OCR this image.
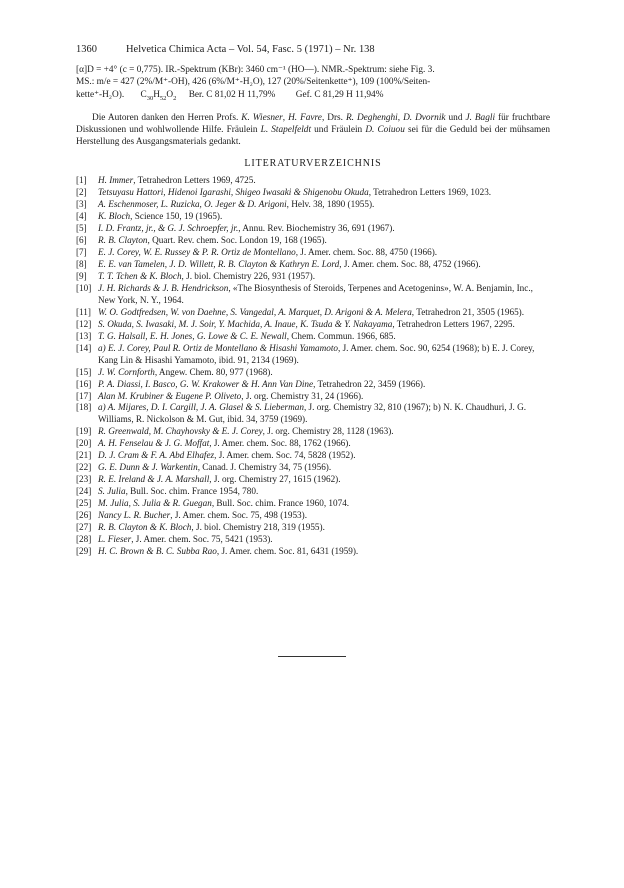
1360	Helvetica Chimica Acta – Vol. 54, Fasc. 5 (1971) – Nr. 138
[α]D = +4° (c = 0,775). IR.-Spektrum (KBr): 3460 cm⁻¹ (HO—). NMR.-Spektrum: siehe Fig. 3.
MS.: m/e = 427 (2%/M⁺-OH), 426 (6%/M⁺-H₂O), 127 (20%/Seitenkette⁺), 109 (100%/Seiten-
kette⁺-H₂O). $C_{30}H_{52}O_2$ Ber. C 81,02 H 11,79% Gef. C 81,29 H 11,94%

Die Autoren danken den Herren Profs. K. Wiesner, H. Favre, Drs. R. Deghenghi, D. Dvornik und J. Bagli für fruchtbare Diskussionen und wohlwollende Hilfe. Fräulein L. Stapelfeldt und Fräulein D. Coiuou sei für die Geduld bei der mühsamen Herstellung des Ausgangsmaterials gedankt.

LITERATURVERZEICHNIS
[1]	H. Immer, Tetrahedron Letters 1969, 4725.
[2]	Tetsuyasu Hattori, Hidenoi Igarashi, Shigeo Iwasaki & Shigenobu Okuda, Tetrahedron Letters 1969, 1023.
[3]	A. Eschenmoser, L. Ruzicka, O. Jeger & D. Arigoni, Helv. 38, 1890 (1955).
[4]	K. Bloch, Science 150, 19 (1965).
[5]	I. D. Frantz, jr., & G. J. Schroepfer, jr., Annu. Rev. Biochemistry 36, 691 (1967).
[6]	R. B. Clayton, Quart. Rev. chem. Soc. London 19, 168 (1965).
[7]	E. J. Corey, W. E. Russey & P. R. Ortiz de Montellano, J. Amer. chem. Soc. 88, 4750 (1966).
[8]	E. E. van Tamelen, J. D. Willett, R. B. Clayton & Kathryn E. Lord, J. Amer. chem. Soc. 88, 4752 (1966).
[9]	T. T. Tchen & K. Bloch, J. biol. Chemistry 226, 931 (1957).
[10] J. H. Richards & J. B. Hendrickson, «The Biosynthesis of Steroids, Terpenes and Acetogenins», W. A. Benjamin, Inc., New York, N. Y., 1964.
[11] W. O. Godtfredsen, W. von Daehne, S. Vangedal, A. Marquet, D. Arigoni & A. Melera, Tetrahedron 21, 3505 (1965).
[12] S. Okuda, S. Iwasaki, M. J. Soir, Y. Machida, A. Inaue, K. Tsuda & Y. Nakayama, Tetrahedron Letters 1967, 2295.
[13] T. G. Halsall, E. H. Jones, G. Lowe & C. E. Newall, Chem. Commun. 1966, 685.
[14] a) E. J. Corey, Paul R. Ortiz de Montellano & Hisashi Yamamoto, J. Amer. chem. Soc. 90, 6254 (1968); b) E. J. Corey, Kang Lin & Hisashi Yamamoto, ibid. 91, 2134 (1969).
[15] J. W. Cornforth, Angew. Chem. 80, 977 (1968).
[16] P. A. Diassi, I. Basco, G. W. Krakower & H. Ann Van Dine, Tetrahedron 22, 3459 (1966).
[17] Alan M. Krubiner & Eugene P. Oliveto, J. org. Chemistry 31, 24 (1966).
[18] a) A. Mijares, D. I. Cargill, J. A. Glasel & S. Lieberman, J. org. Chemistry 32, 810 (1967); b) N. K. Chaudhuri, J. G. Williams, R. Nickolson & M. Gut, ibid. 34, 3759 (1969).
[19] R. Greenwald, M. Chayhovsky & E. J. Corey, J. org. Chemistry 28, 1128 (1963).
[20] A. H. Fenselau & J. G. Moffat, J. Amer. chem. Soc. 88, 1762 (1966).
[21] D. J. Cram & F. A. Abd Elhafez, J. Amer. chem. Soc. 74, 5828 (1952).
[22] G. E. Dunn & J. Warkentin, Canad. J. Chemistry 34, 75 (1956).
[23] R. E. Ireland & J. A. Marshall, J. org. Chemistry 27, 1615 (1962).
[24] S. Julia, Bull. Soc. chim. France 1954, 780.
[25] M. Julia, S. Julia & R. Guegan, Bull. Soc. chim. France 1960, 1074.
[26] Nancy L. R. Bucher, J. Amer. chem. Soc. 75, 498 (1953).
[27] R. B. Clayton & K. Bloch, J. biol. Chemistry 218, 319 (1955).
[28] L. Fieser, J. Amer. chem. Soc. 75, 5421 (1953).
[29] H. C. Brown & B. C. Subba Rao, J. Amer. chem. Soc. 81, 6431 (1959).
